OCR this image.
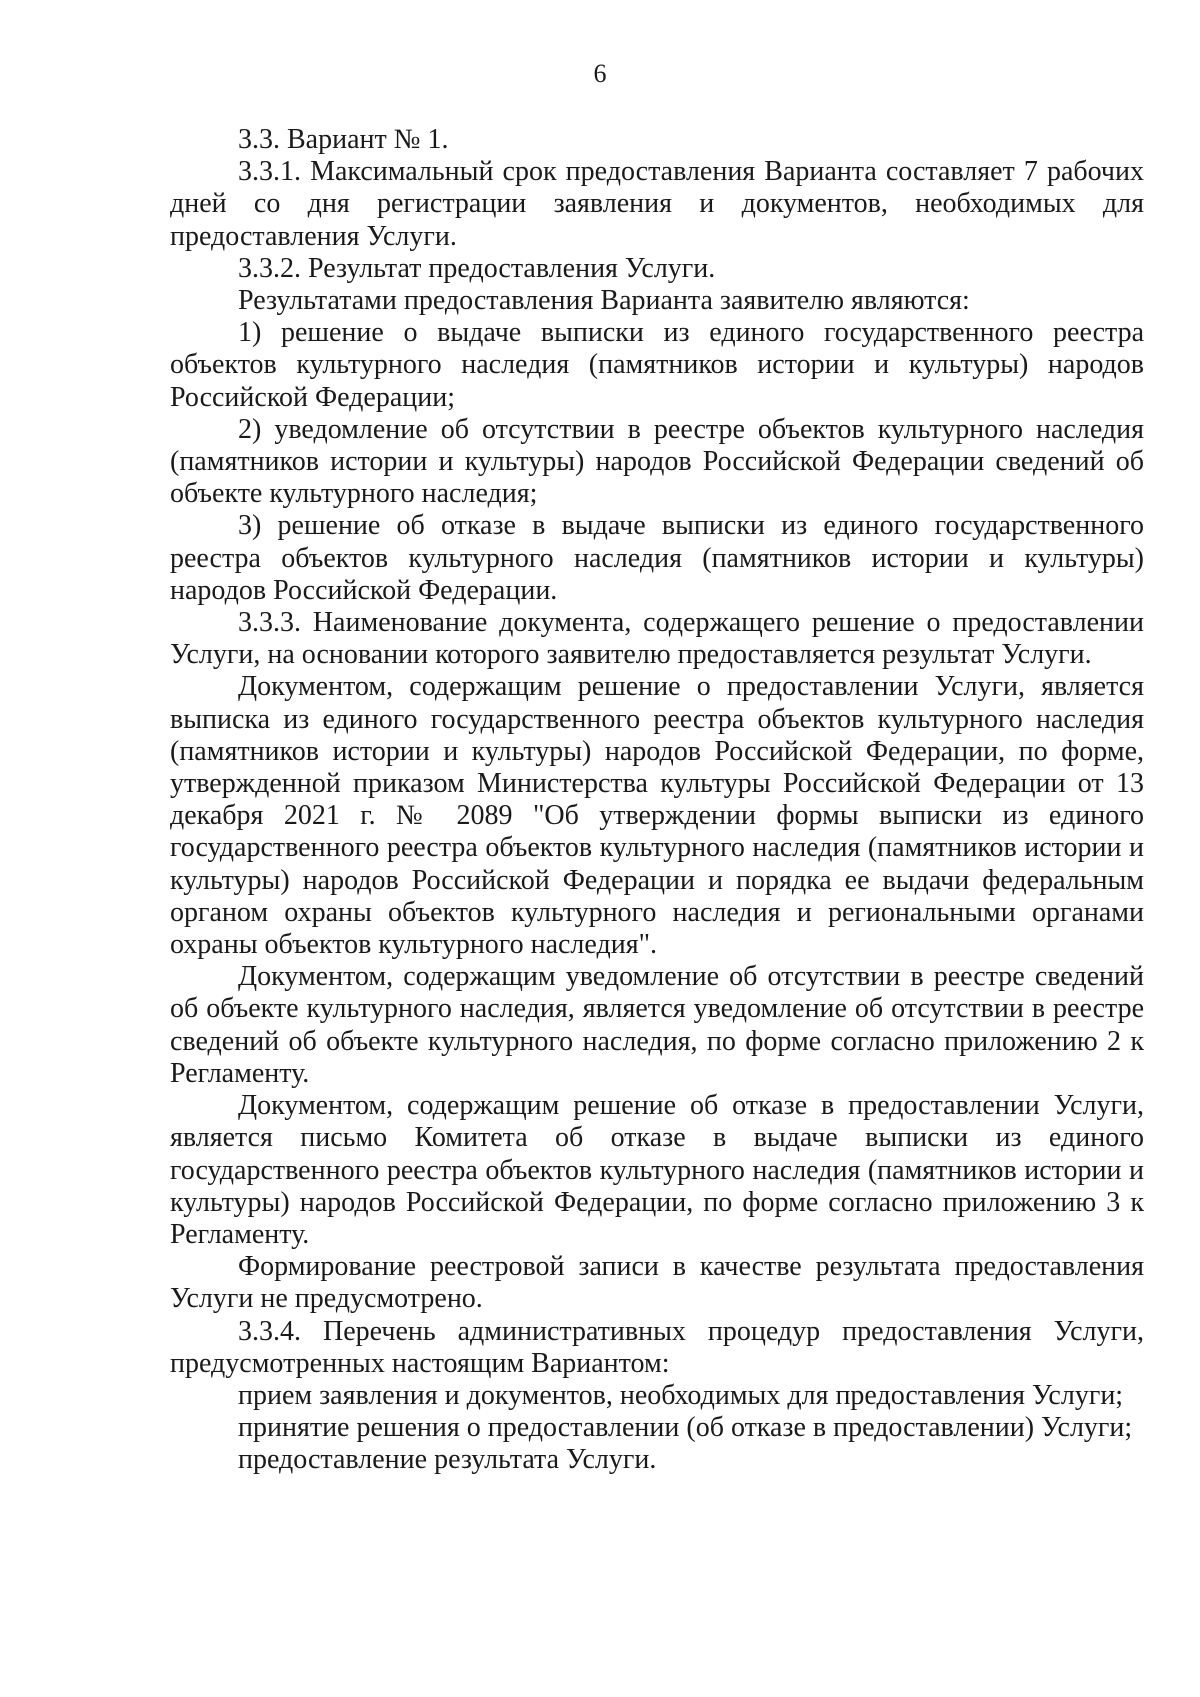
6

3.3. Вариант № 1.

3.3.1. Максимальный срок предоставления Варианта составляет 7 рабочих дней со дня регистрации заявления и документов, необходимых для предоставления Услуги.

3.3.2. Результат предоставления Услуги.

Результатами предоставления Варианта заявителю являются:

1) решение о выдаче выписки из единого государственного реестра объектов культурного наследия (памятников истории и культуры) народов Российской Федерации;

2) уведомление об отсутствии в реестре объектов культурного наследия (памятников истории и культуры) народов Российской Федерации сведений об объекте культурного наследия;

3) решение об отказе в выдаче выписки из единого государственного реестра объектов культурного наследия (памятников истории и культуры) народов Российской Федерации.

3.3.3. Наименование документа, содержащего решение о предоставлении Услуги, на основании которого заявителю предоставляется результат Услуги.

Документом, содержащим решение о предоставлении Услуги, является выписка из единого государственного реестра объектов культурного наследия (памятников истории и культуры) народов Российской Федерации, по форме, утвержденной приказом Министерства культуры Российской Федерации от 13 декабря 2021 г. № 2089 "Об утверждении формы выписки из единого государственного реестра объектов культурного наследия (памятников истории и культуры) народов Российской Федерации и порядка ее выдачи федеральным органом охраны объектов культурного наследия и региональными органами охраны объектов культурного наследия".

Документом, содержащим уведомление об отсутствии в реестре сведений об объекте культурного наследия, является уведомление об отсутствии в реестре сведений об объекте культурного наследия, по форме согласно приложению 2 к Регламенту.

Документом, содержащим решение об отказе в предоставлении Услуги, является письмо Комитета об отказе в выдаче выписки из единого государственного реестра объектов культурного наследия (памятников истории и культуры) народов Российской Федерации, по форме согласно приложению 3 к Регламенту.

Формирование реестровой записи в качестве результата предоставления Услуги не предусмотрено.

3.3.4. Перечень административных процедур предоставления Услуги, предусмотренных настоящим Вариантом:

прием заявления и документов, необходимых для предоставления Услуги;

принятие решения о предоставлении (об отказе в предоставлении) Услуги;

предоставление результата Услуги.
